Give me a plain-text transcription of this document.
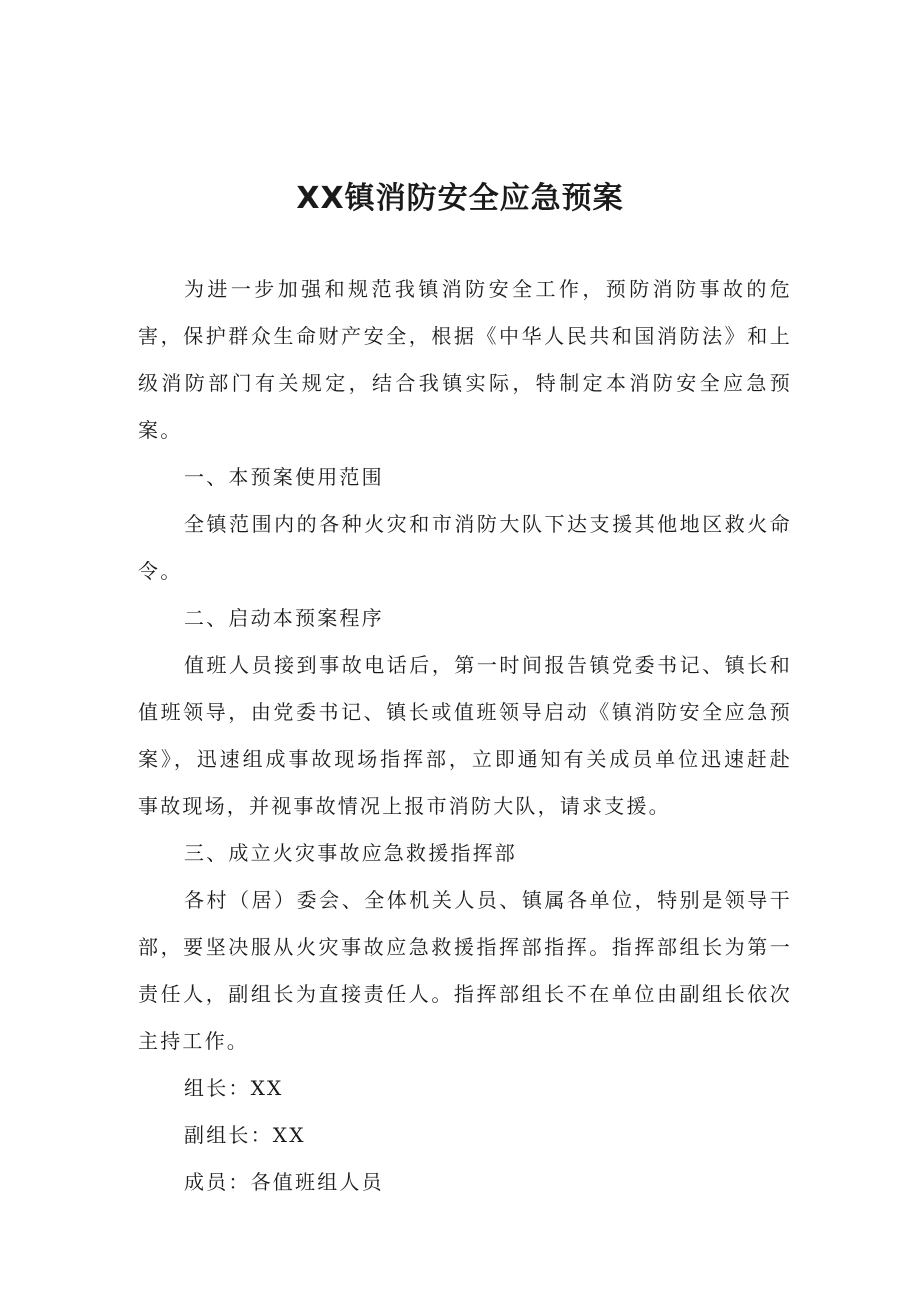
XX镇消防安全应急预案

为进一步加强和规范我镇消防安全工作，预防消防事故的危害，保护群众生命财产安全，根据《中华人民共和国消防法》和上级消防部门有关规定，结合我镇实际，特制定本消防安全应急预案。

一、本预案使用范围

全镇范围内的各种火灾和市消防大队下达支援其他地区救火命令。

二、启动本预案程序

值班人员接到事故电话后，第一时间报告镇党委书记、镇长和值班领导，由党委书记、镇长或值班领导启动《镇消防安全应急预案》，迅速组成事故现场指挥部，立即通知有关成员单位迅速赶赴事故现场，并视事故情况上报市消防大队，请求支援。

三、成立火灾事故应急救援指挥部

各村（居）委会、全体机关人员、镇属各单位，特别是领导干部，要坚决服从火灾事故应急救援指挥部指挥。指挥部组长为第一责任人，副组长为直接责任人。指挥部组长不在单位由副组长依次主持工作。

组长：XX

副组长：XX

成员：各值班组人员
